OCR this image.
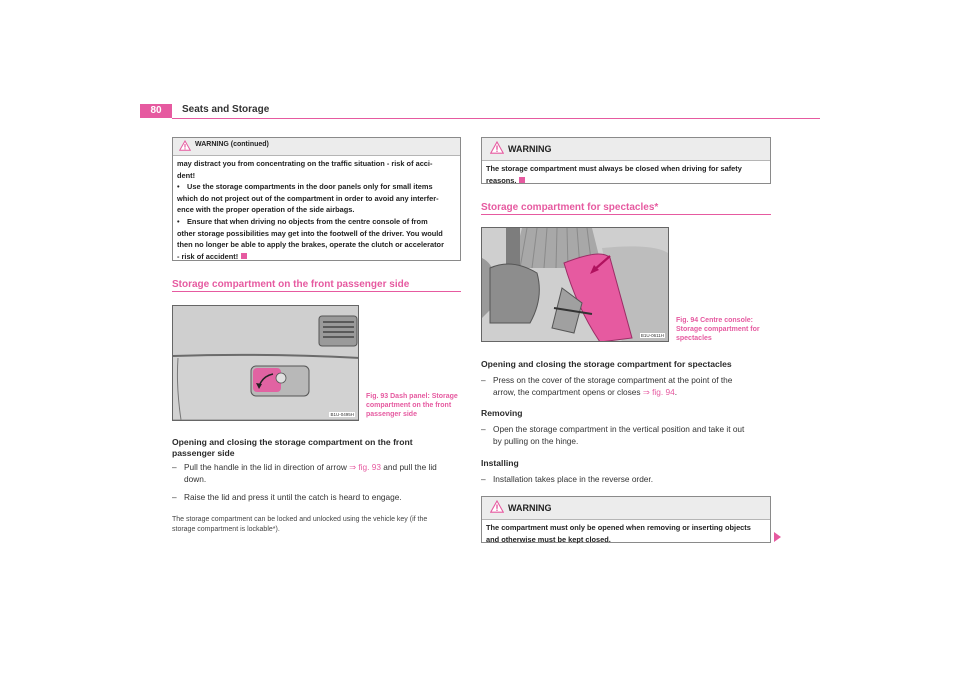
80	Seats and Storage
WARNING (continued)

may distract you from concentrating on the traffic situation - risk of acci-

dent!

• Use the storage compartments in the door panels only for small items

which do not project out of the compartment in order to avoid any interfer-

ence with the proper operation of the side airbags.

• Ensure that when driving no objects from the centre console of from

other storage possibilities may get into the footwell of the driver. You would

then no longer be able to apply the brakes, operate the clutch or accelerator

- risk of accident!

Storage compartment on the front passenger side
B1U-0495H
Fig. 93 Dash panel: Storage
compartment on the front
passenger side
Opening and closing the storage compartment on the front
passenger side
– Pull the handle in the lid in direction of arrow ⇒ fig. 93 and pull the lid
down.
– Raise the lid and press it until the catch is heard to engage.
The storage compartment can be locked and unlocked using the vehicle key (if the
storage compartment is lockable*).
WARNING

The storage compartment must always be closed when driving for safety

reasons.

Storage compartment for spectacles*
B1U-0611H
Fig. 94 Centre console:
Storage compartment for
spectacles
Opening and closing the storage compartment for spectacles
– Press on the cover of the storage compartment at the point of the
arrow, the compartment opens or closes ⇒ fig. 94.
Removing
– Open the storage compartment in the vertical position and take it out
by pulling on the hinge.
Installing
– Installation takes place in the reverse order.
WARNING

The compartment must only be opened when removing or inserting objects

and otherwise must be kept closed.
